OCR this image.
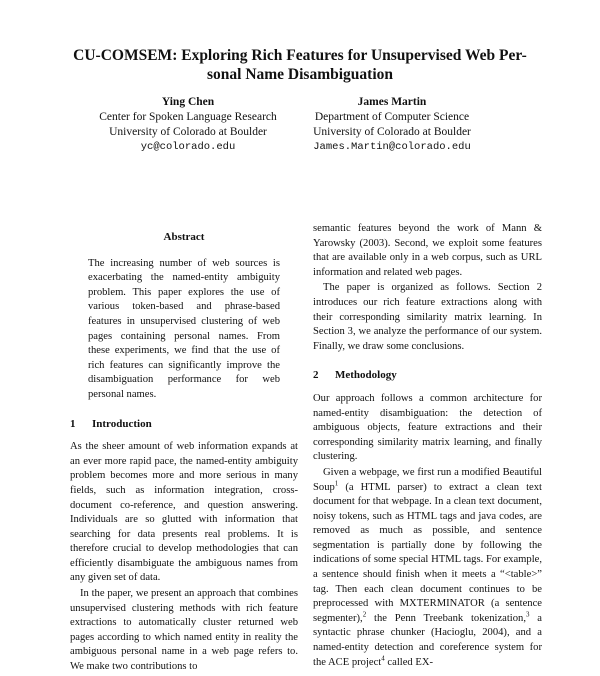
CU-COMSEM: Exploring Rich Features for Unsupervised Web Per-
sonal Name Disambiguation
Ying Chen
Center for Spoken Language Research
University of Colorado at Boulder
yc@colorado.edu
James Martin
Department of Computer Science
University of Colorado at Boulder
James.Martin@colorado.edu
Abstract
The increasing number of web sources is exacerbating the named-entity ambiguity problem. This paper explores the use of various token-based and phrase-based features in unsupervised clustering of web pages containing personal names. From these experiments, we find that the use of rich features can significantly improve the disambiguation performance for web personal names.
1 Introduction

As the sheer amount of web information expands at an ever more rapid pace, the named-entity ambiguity problem becomes more and more serious in many fields, such as information integration, cross-document co-reference, and question answering. Individuals are so glutted with information that searching for data presents real problems. It is therefore crucial to develop methodologies that can efficiently disambiguate the ambiguous names from any given set of data.

In the paper, we present an approach that combines unsupervised clustering methods with rich feature extractions to automatically cluster returned web pages according to which named entity in reality the ambiguous personal name in a web page refers to. We make two contributions to

semantic features beyond the work of Mann & Yarowsky (2003). Second, we exploit some features that are available only in a web corpus, such as URL information and related web pages.

The paper is organized as follows. Section 2 introduces our rich feature extractions along with their corresponding similarity matrix learning. In Section 3, we analyze the performance of our system. Finally, we draw some conclusions.

2 Methodology

Our approach follows a common architecture for named-entity disambiguation: the detection of ambiguous objects, feature extractions and their corresponding similarity matrix learning, and finally clustering.

Given a webpage, we first run a modified Beautiful Soup$^1$ (a HTML parser) to extract a clean text document for that webpage. In a clean text document, noisy tokens, such as HTML tags and java codes, are removed as much as possible, and sentence segmentation is partially done by following the indications of some special HTML tags. For example, a sentence should finish when it meets a “<table>” tag. Then each clean document continues to be preprocessed with MXTERMINATOR (a sentence segmenter),$^2$ the Penn Treebank tokenization,$^3$ a syntactic phrase chunker (Hacioglu, 2004), and a named-entity detection and coreference system for the ACE project$^4$ called EX-
